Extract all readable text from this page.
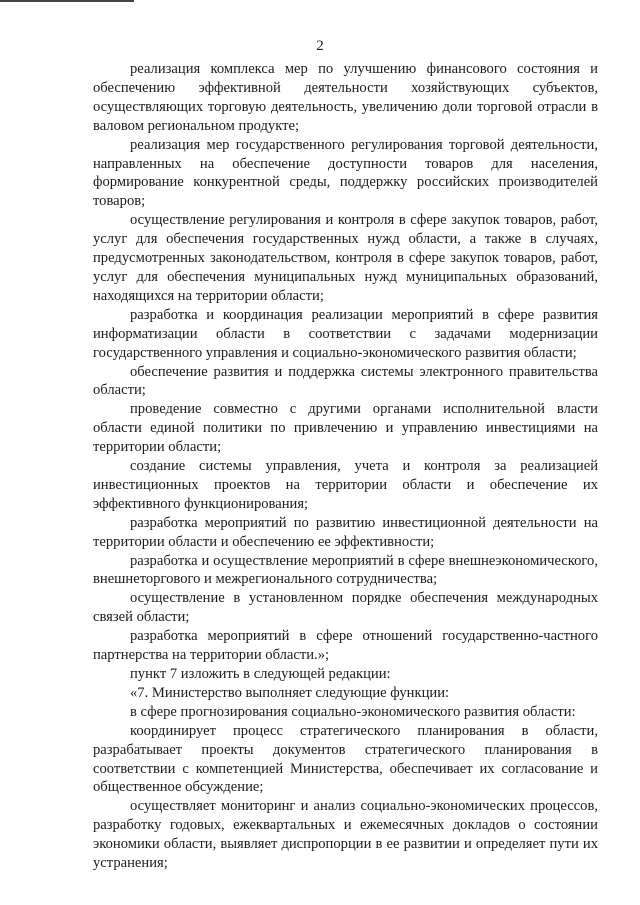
2

реализация комплекса мер по улучшению финансового состояния и обеспечению эффективной деятельности хозяйствующих субъектов, осуществляющих торговую деятельность, увеличению доли торговой отрасли в валовом региональном продукте;

реализация мер государственного регулирования торговой деятельности, направленных на обеспечение доступности товаров для населения, формирование конкурентной среды, поддержку российских производителей товаров;

осуществление регулирования и контроля в сфере закупок товаров, работ, услуг для обеспечения государственных нужд области, а также в случаях, предусмотренных законодательством, контроля в сфере закупок товаров, работ, услуг для обеспечения муниципальных нужд муниципальных образований, находящихся на территории области;

разработка и координация реализации мероприятий в сфере развития информатизации области в соответствии с задачами модернизации государственного управления и социально-экономического развития области;

обеспечение развития и поддержка системы электронного правительства области;

проведение совместно с другими органами исполнительной власти области единой политики по привлечению и управлению инвестициями на территории области;

создание системы управления, учета и контроля за реализацией инвестиционных проектов на территории области и обеспечение их эффективного функционирования;

разработка мероприятий по развитию инвестиционной деятельности на территории области и обеспечению ее эффективности;

разработка и осуществление мероприятий в сфере внешнеэкономического, внешнеторгового и межрегионального сотрудничества;

осуществление в установленном порядке обеспечения международных связей области;

разработка мероприятий в сфере отношений государственно-частного партнерства на территории области.»;

пункт 7 изложить в следующей редакции:

«7. Министерство выполняет следующие функции:

в сфере прогнозирования социально-экономического развития области:

координирует процесс стратегического планирования в области, разрабатывает проекты документов стратегического планирования в соответствии с компетенцией Министерства, обеспечивает их согласование и общественное обсуждение;

осуществляет мониторинг и анализ социально-экономических процессов, разработку годовых, ежеквартальных и ежемесячных докладов о состоянии экономики области, выявляет диспропорции в ее развитии и определяет пути их устранения;
